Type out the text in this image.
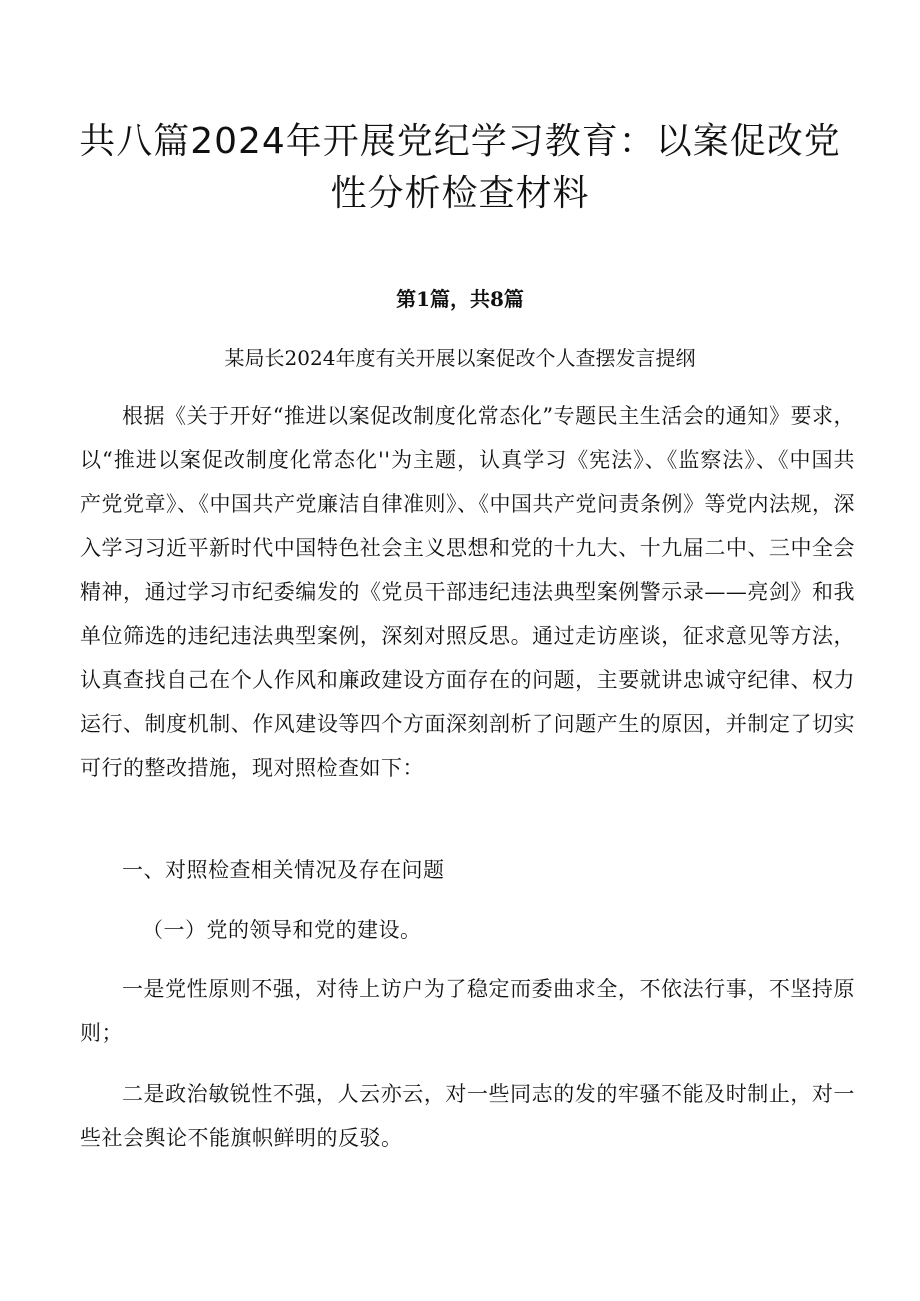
共八篇2024年开展党纪学习教育：以案促改党性分析检查材料

第1篇，共8篇

某局长2024年度有关开展以案促改个人查摆发言提纲

根据《关于开好“推进以案促改制度化常态化”专题民主生活会的通知》要求，以“推进以案促改制度化常态化''为主题，认真学习《宪法》、《监察法》、《中国共产党党章》、《中国共产党廉洁自律准则》、《中国共产党问责条例》等党内法规，深入学习习近平新时代中国特色社会主义思想和党的十九大、十九届二中、三中全会精神，通过学习市纪委编发的《党员干部违纪违法典型案例警示录——亮剑》和我单位筛选的违纪违法典型案例，深刻对照反思。通过走访座谈，征求意见等方法，认真查找自己在个人作风和廉政建设方面存在的问题，主要就讲忠诚守纪律、权力运行、制度机制、作风建设等四个方面深刻剖析了问题产生的原因，并制定了切实可行的整改措施，现对照检查如下：

一、对照检查相关情况及存在问题

（一）党的领导和党的建设。

一是党性原则不强，对待上访户为了稳定而委曲求全，不依法行事，不坚持原则；

二是政治敏锐性不强，人云亦云，对一些同志的发的牢骚不能及时制止，对一些社会舆论不能旗帜鲜明的反驳。
